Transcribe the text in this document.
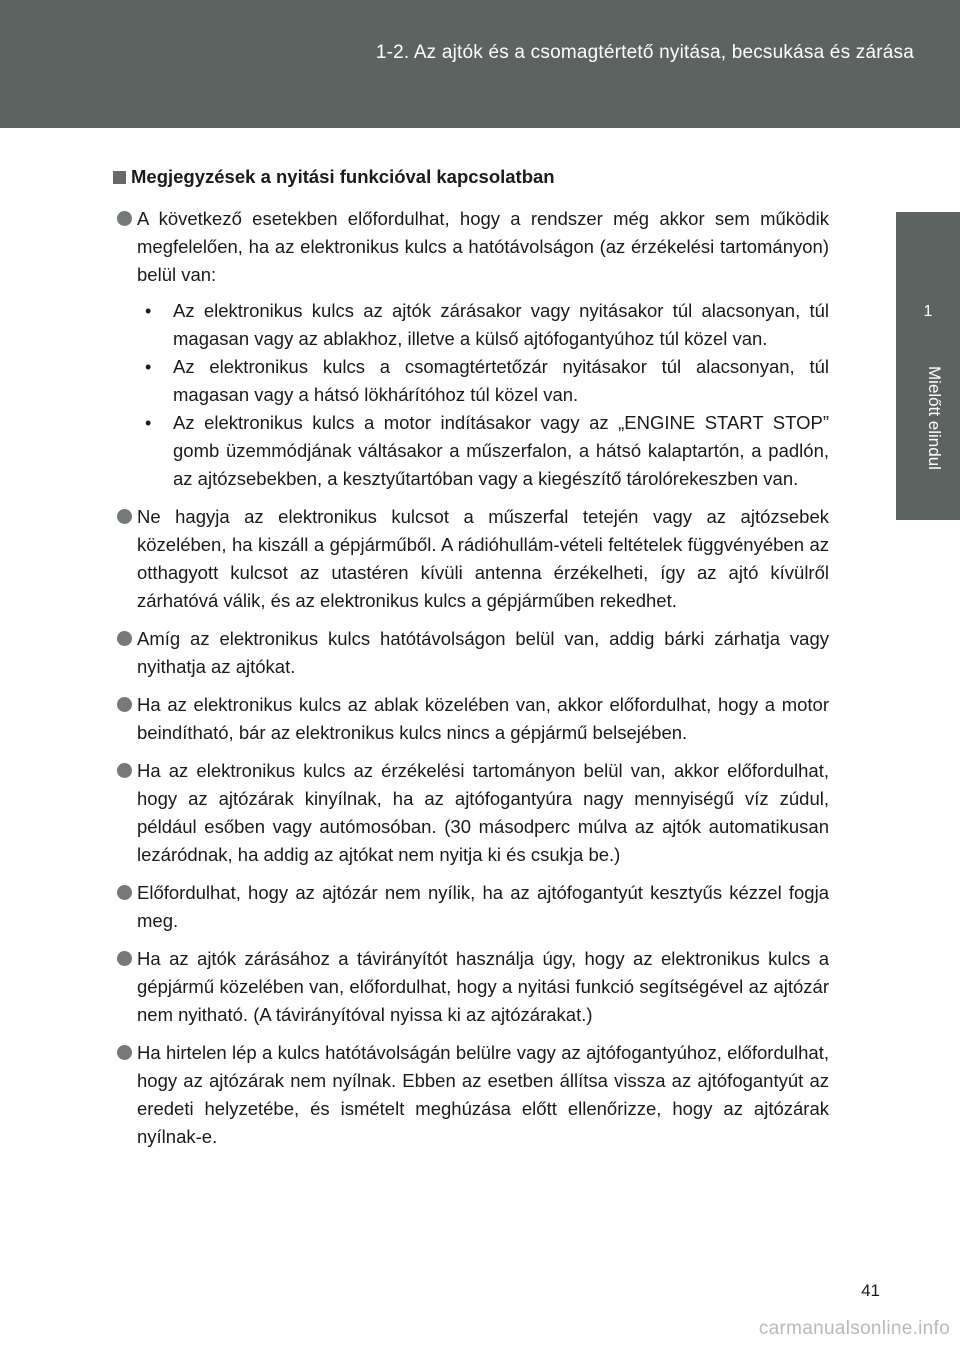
1-2. Az ajtók és a csomagtértető nyitása, becsukása és zárása
1
Mielőtt elindul
Megjegyzések a nyitási funkcióval kapcsolatban
A következő esetekben előfordulhat, hogy a rendszer még akkor sem működik megfelelően, ha az elektronikus kulcs a hatótávolságon (az érzékelési tartományon) belül van:
• Az elektronikus kulcs az ajtók zárásakor vagy nyitásakor túl alacsonyan, túl magasan vagy az ablakhoz, illetve a külső ajtófogantyúhoz túl közel van.
• Az elektronikus kulcs a csomagtértetőzár nyitásakor túl alacsonyan, túl magasan vagy a hátsó lökhárítóhoz túl közel van.
• Az elektronikus kulcs a motor indításakor vagy az „ENGINE START STOP” gomb üzemmódjának váltásakor a műszerfalon, a hátsó kalaptartón, a padlón, az ajtózsebekben, a kesztyűtartóban vagy a kiegészítő tárolórekeszben van.
Ne hagyja az elektronikus kulcsot a műszerfal tetején vagy az ajtózsebek közelében, ha kiszáll a gépjárműből. A rádióhullám-vételi feltételek függvényében az otthagyott kulcsot az utastéren kívüli antenna érzékelheti, így az ajtó kívülről zárhatóvá válik, és az elektronikus kulcs a gépjárműben rekedhet.
Amíg az elektronikus kulcs hatótávolságon belül van, addig bárki zárhatja vagy nyithatja az ajtókat.
Ha az elektronikus kulcs az ablak közelében van, akkor előfordulhat, hogy a motor beindítható, bár az elektronikus kulcs nincs a gépjármű belsejében.
Ha az elektronikus kulcs az érzékelési tartományon belül van, akkor előfordulhat, hogy az ajtózárak kinyílnak, ha az ajtófogantyúra nagy mennyiségű víz zúdul, például esőben vagy autómosóban. (30 másodperc múlva az ajtók automatikusan lezáródnak, ha addig az ajtókat nem nyitja ki és csukja be.)
Előfordulhat, hogy az ajtózár nem nyílik, ha az ajtófogantyút kesztyűs kézzel fogja meg.
Ha az ajtók zárásához a távirányítót használja úgy, hogy az elektronikus kulcs a gépjármű közelében van, előfordulhat, hogy a nyitási funkció segítségével az ajtózár nem nyitható. (A távirányítóval nyissa ki az ajtózárakat.)
Ha hirtelen lép a kulcs hatótávolságán belülre vagy az ajtófogantyúhoz, előfordulhat, hogy az ajtózárak nem nyílnak. Ebben az esetben állítsa vissza az ajtófogantyút az eredeti helyzetébe, és ismételt meghúzása előtt ellenőrizze, hogy az ajtózárak nyílnak-e.
41
carmanualsonline.info
